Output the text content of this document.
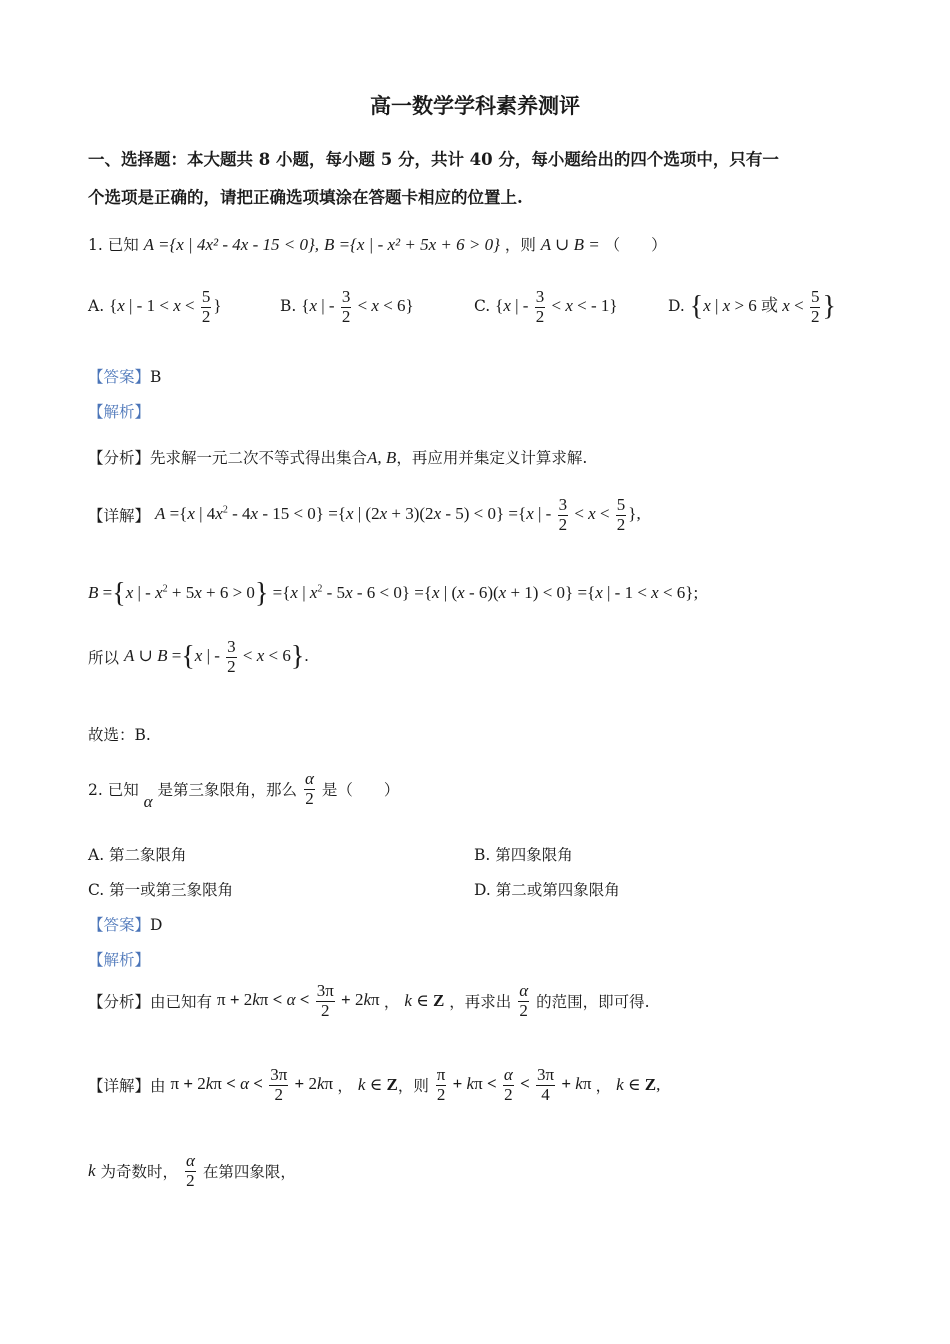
高一数学学科素养测评
一、选择题：本大题共 8 小题，每小题 5 分，共计 40 分，每小题给出的四个选项中，只有一
个选项是正确的，请把正确选项填涂在答题卡相应的位置上.
1. 已知 A ={x | 4x² - 4x - 15 < 0}, B ={x | - x² + 5x + 6 > 0} ，则 A ∪ B = （　　）
A. {x | - $1 < x < \frac{5}{2}$ }	B. {x | - $\frac{3}{2} < x < 6$}	C. {x | - $\frac{3}{2} < x$ < - 1}	D. {x | x > 6 或 $x < \frac{5}{2}$ }
【答案】B
【解析】
【分析】先求解一元二次不等式得出集合A, B，再应用并集定义计算求解.
【详解】 A ={x | $4x^2 - 4x - 15 < 0\} =\{x$ | (2x + 3)(2x - 5) < 0} ={x | - $\frac{3}{2} < x < \frac{5}{2}$ },
B ={x | - $x^2 + 5x + 6 > 0\} =\{x$ | $x^2 - 5x - 6 < 0\} =\{x$ | (x - 6)(x + 1) < 0} ={x | - 1 < x < 6};
所以 A ∪ B ={x | - $\frac{3}{2} < x < 6$}.
故选：B.
2. 已知 α 是第三象限角，那么 $\frac{\alpha}{2}$ 是（　　）
A. 第二象限角	B. 第四象限角
C. 第一或第三象限角	D. 第二或第四象限角
【答案】D
【解析】
【分析】由已知有 $\pi + 2k\pi < \alpha < \frac{3\pi}{2} + 2k\pi$ ， k ∈ Z ，再求出 $\frac{\alpha}{2}$ 的范围，即可得.
【详解】由 $\pi + 2k\pi < \alpha < \frac{3\pi}{2} + 2k\pi$ ， k ∈ Z，则 $\frac{\pi}{2} + k\pi < \frac{\alpha}{2} < \frac{3\pi}{4} + k\pi$ ， k ∈ Z,
k 为奇数时， $\frac{\alpha}{2}$ 在第四象限，
